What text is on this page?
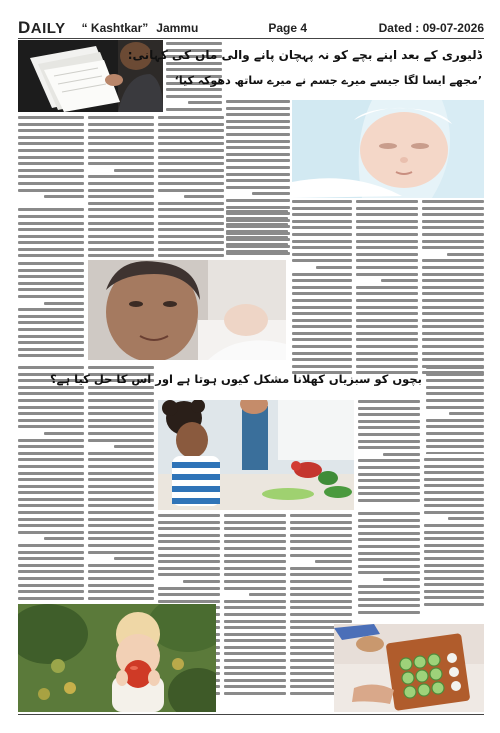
DAILY “ Kashtkar” Jammu	Page 4	Dated : 09-07-2026
ڈلیوری کے بعد اپنے بچے کو نہ پہچان پانے والی ماں کی کہانی:
’مجھے ایسا لگا جیسے میرے جسم نے میرے ساتھ دھوکہ کیا‘
بچوں کو سبزیاں کھلانا مشکل کیوں ہوتا ہے اور اس کا حل کیا ہے؟
